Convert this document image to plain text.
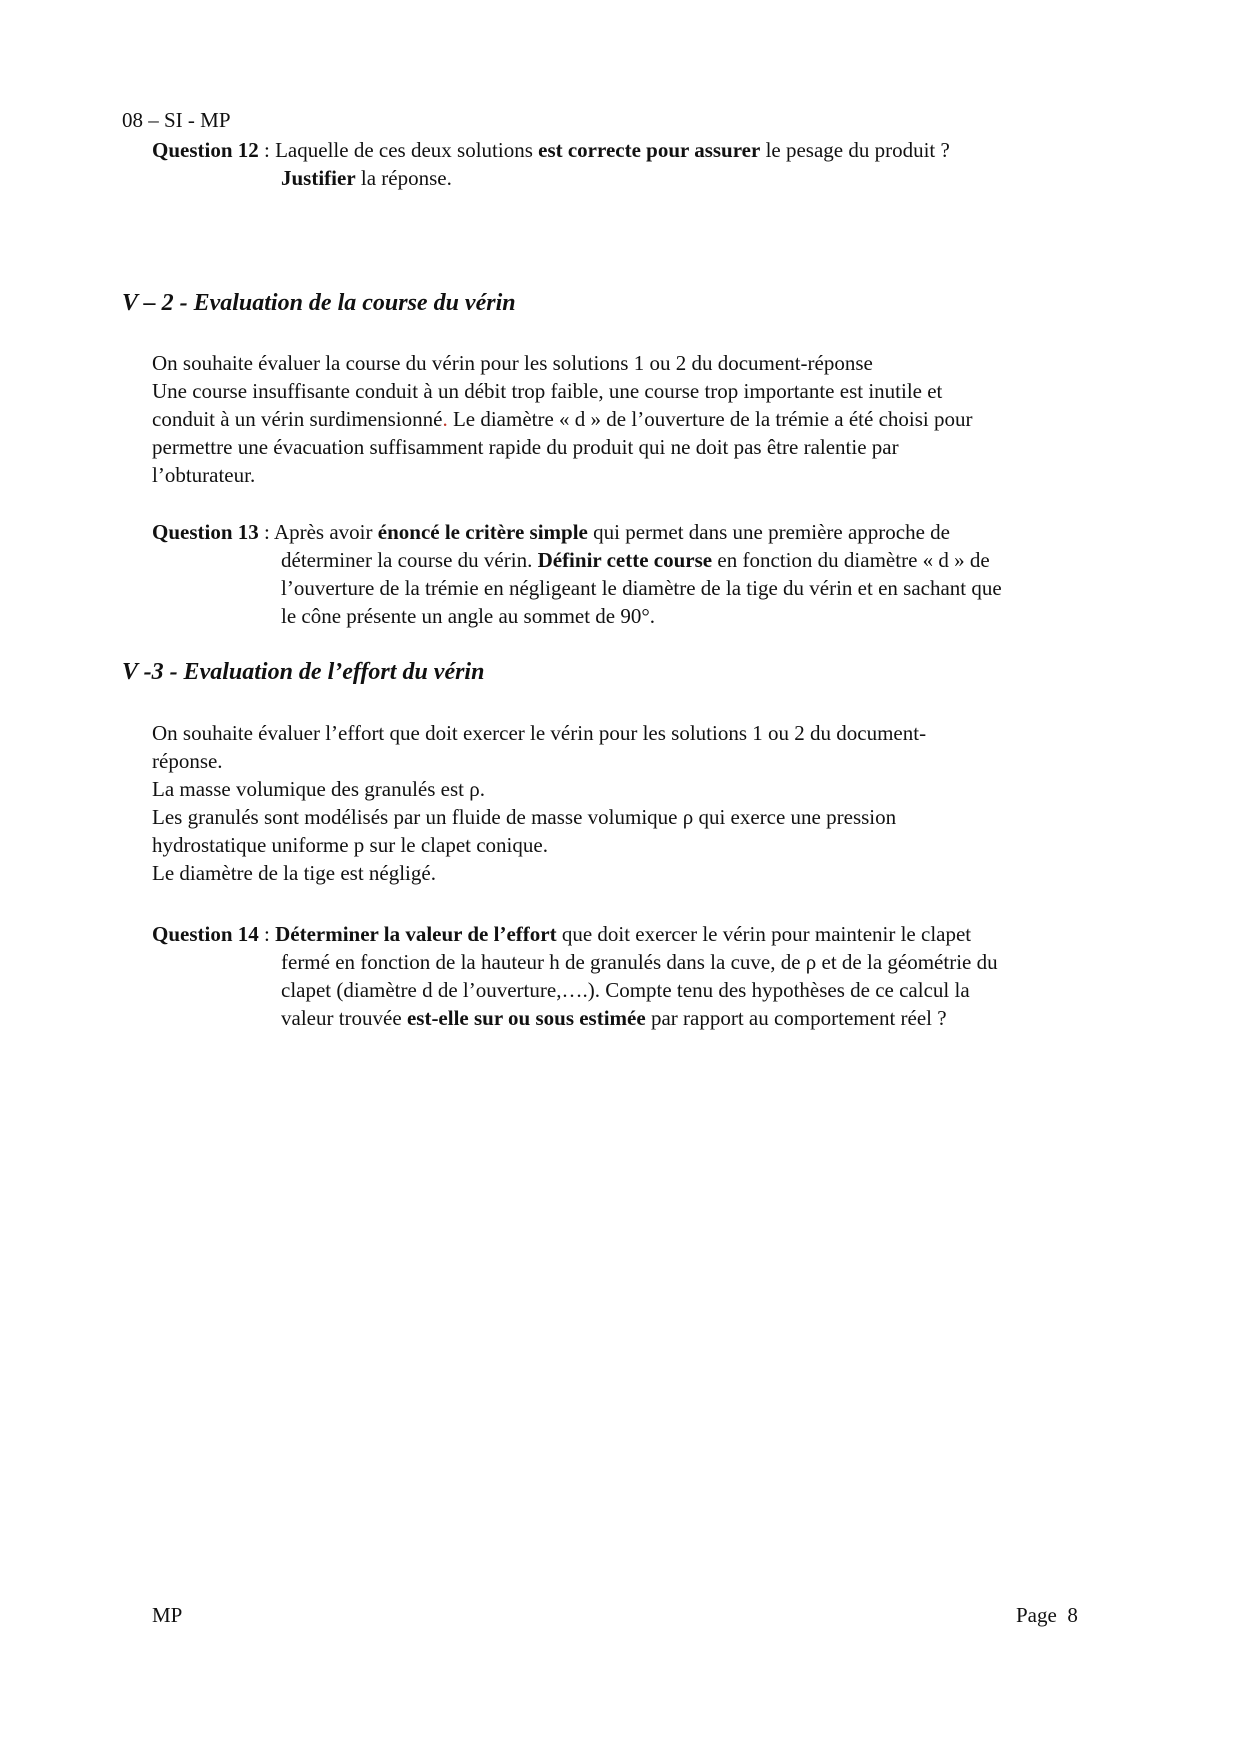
08 – SI - MP
Question 12 : Laquelle de ces deux solutions est correcte pour assurer le pesage du produit ?
Justifier la réponse.
V – 2 - Evaluation de la course du vérin
On souhaite évaluer la course du vérin pour les solutions 1 ou 2 du document-réponse
Une course insuffisante conduit à un débit trop faible, une course trop importante est inutile et
conduit à un vérin surdimensionné. Le diamètre « d » de l’ouverture de la trémie a été choisi pour
permettre une évacuation suffisamment rapide du produit qui ne doit pas être ralentie par
l’obturateur.
Question 13 : Après avoir énoncé le critère simple qui permet dans une première approche de
déterminer la course du vérin. Définir cette course en fonction du diamètre « d » de
l’ouverture de la trémie en négligeant le diamètre de la tige du vérin et en sachant que
le cône présente un angle au sommet de 90°.
V -3 - Evaluation de l’effort du vérin
On souhaite évaluer l’effort que doit exercer le vérin pour les solutions 1 ou 2 du document-
réponse.
La masse volumique des granulés est ρ.
Les granulés sont modélisés par un fluide de masse volumique ρ qui exerce une pression
hydrostatique uniforme p sur le clapet conique.
Le diamètre de la tige est négligé.
Question 14 : Déterminer la valeur de l’effort que doit exercer le vérin pour maintenir le clapet
fermé en fonction de la hauteur h de granulés dans la cuve, de ρ et de la géométrie du
clapet (diamètre d de l’ouverture,….). Compte tenu des hypothèses de ce calcul la
valeur trouvée est-elle sur ou sous estimée par rapport au comportement réel ?
MP	Page 8
